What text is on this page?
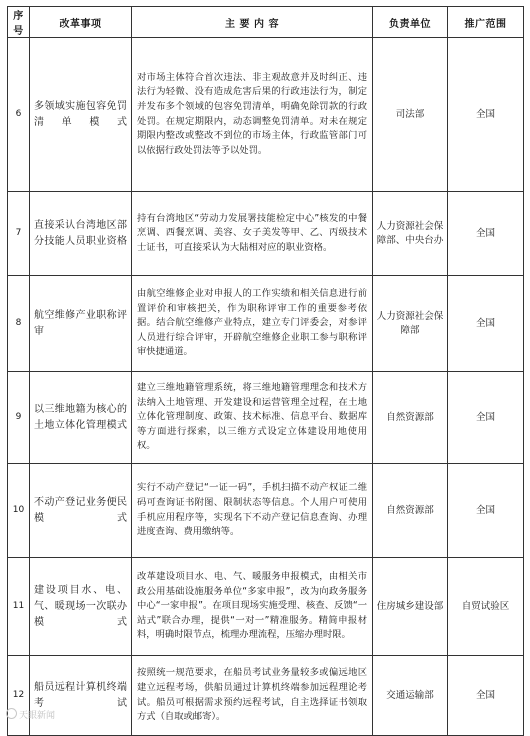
序号	改革事项	主 要 内 容	负责单位	推广范围
6	多领域实施包容免罚清单模式	对市场主体符合首次违法、非主观故意并及时纠正、违法行为轻微、没有造成危害后果的行政违法行为，制定并发布多个领域的包容免罚清单，明确免除罚款的行政处罚。在规定期限内，动态调整免罚清单。对未在规定期限内整改或整改不到位的市场主体，行政监管部门可以依据行政处罚法等予以处罚。	司法部	全国
7	直接采认台湾地区部分技能人员职业资格	持有台湾地区“劳动力发展署技能检定中心”核发的中餐烹调、西餐烹调、美容、女子美发等甲、乙、丙级技术士证书，可直接采认为大陆相对应的职业资格。	人力资源社会保障部、中央台办	全国
8	航空维修产业职称评审	由航空维修企业对申报人的工作实绩和相关信息进行前置评价和审核把关，作为职称评审工作的重要参考依据。结合航空维修产业特点，建立专门评委会，对参评人员进行综合评审，开辟航空维修企业职工参与职称评审快捷通道。	人力资源社会保障部	全国
9	以三维地籍为核心的土地立体化管理模式	建立三维地籍管理系统，将三维地籍管理理念和技术方法纳入土地管理、开发建设和运营管理全过程，在土地立体化管理制度、政策、技术标准、信息平台、数据库等方面进行探索，以三维方式设定立体建设用地使用权。	自然资源部	全国
10	不动产登记业务便民模式	实行不动产登记“一证一码”，手机扫描不动产权证二维码可查询证书附图、限制状态等信息。个人用户可使用手机应用程序等，实现名下不动产登记信息查询、办理进度查询、费用缴纳等。	自然资源部	全国
11	建设项目水、电、气、暖现场一次联办模式	改革建设项目水、电、气、暖服务申报模式，由相关市政公用基础设施服务单位“多家申报”，改为向政务服务中心“一家申报”。在项目现场实施受理、核查、反馈“一站式”联合办理，提供“一对一”精准服务。精简申报材料，明确时限节点，梳理办理流程，压缩办理时限。	住房城乡建设部	自贸试验区
12	船员远程计算机终端考试	按照统一规范要求，在船员考试业务量较多或偏远地区建立远程考场，供船员通过计算机终端参加远程理论考试。船员可根据需求预约远程考试，自主选择证书领取方式（自取或邮寄）。	交通运输部	全国
天眼新闻
